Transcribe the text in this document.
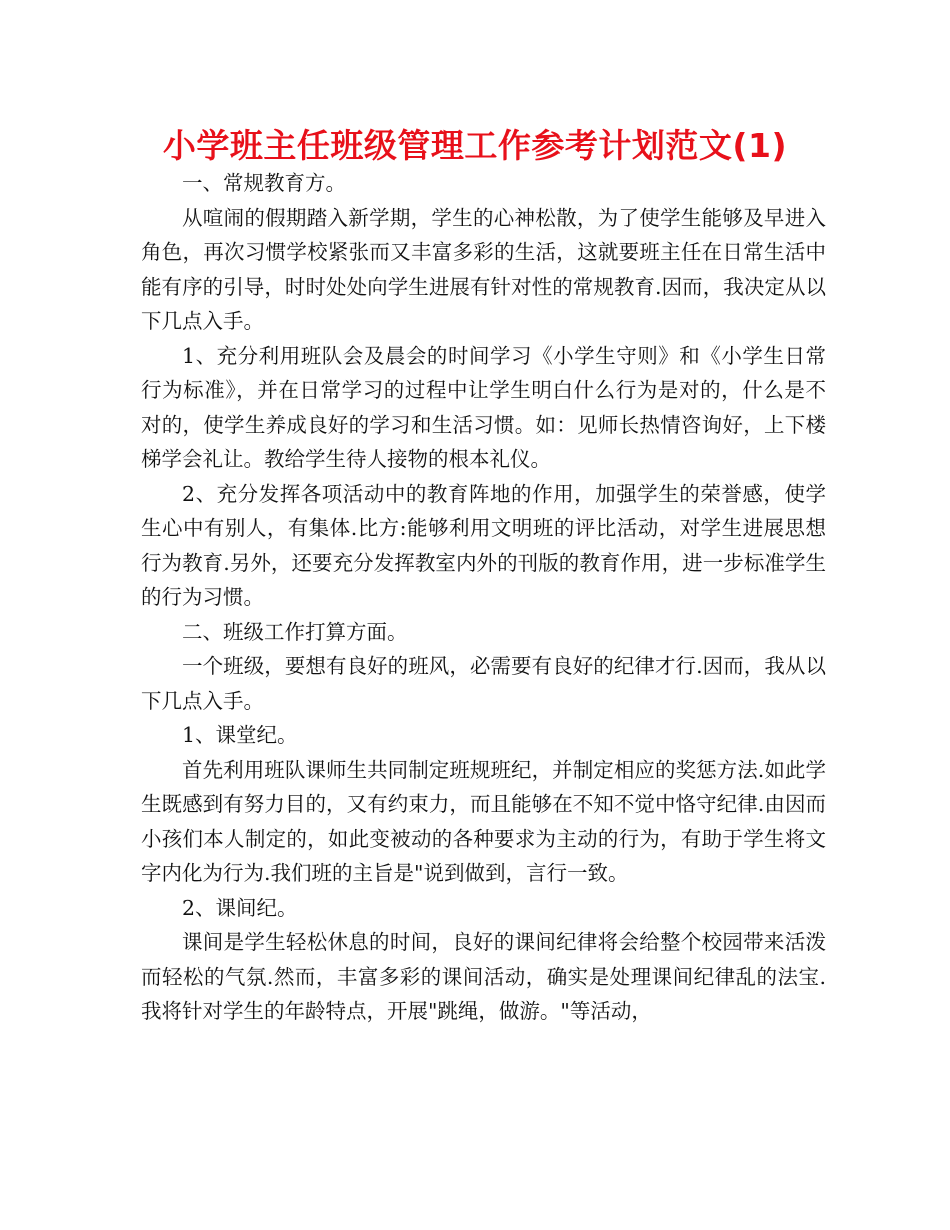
小学班主任班级管理工作参考计划范文(1)

一、常规教育方。

从喧闹的假期踏入新学期，学生的心神松散，为了使学生能够及早进入角色，再次习惯学校紧张而又丰富多彩的生活，这就要班主任在日常生活中能有序的引导，时时处处向学生进展有针对性的常规教育.因而，我决定从以下几点入手。

1、充分利用班队会及晨会的时间学习《小学生守则》和《小学生日常行为标准》，并在日常学习的过程中让学生明白什么行为是对的，什么是不对的，使学生养成良好的学习和生活习惯。如：见师长热情咨询好，上下楼梯学会礼让。教给学生待人接物的根本礼仪。

2、充分发挥各项活动中的教育阵地的作用，加强学生的荣誉感，使学生心中有别人，有集体.比方:能够利用文明班的评比活动，对学生进展思想行为教育.另外，还要充分发挥教室内外的刊版的教育作用，进一步标准学生的行为习惯。

二、班级工作打算方面。

一个班级，要想有良好的班风，必需要有良好的纪律才行.因而，我从以下几点入手。

1、课堂纪。

首先利用班队课师生共同制定班规班纪，并制定相应的奖惩方法.如此学生既感到有努力目的，又有约束力，而且能够在不知不觉中恪守纪律.由因而小孩们本人制定的，如此变被动的各种要求为主动的行为，有助于学生将文字内化为行为.我们班的主旨是"说到做到，言行一致。

2、课间纪。

课间是学生轻松休息的时间，良好的课间纪律将会给整个校园带来活泼而轻松的气氛.然而，丰富多彩的课间活动，确实是处理课间纪律乱的法宝.我将针对学生的年龄特点，开展"跳绳，做游。"等活动，
